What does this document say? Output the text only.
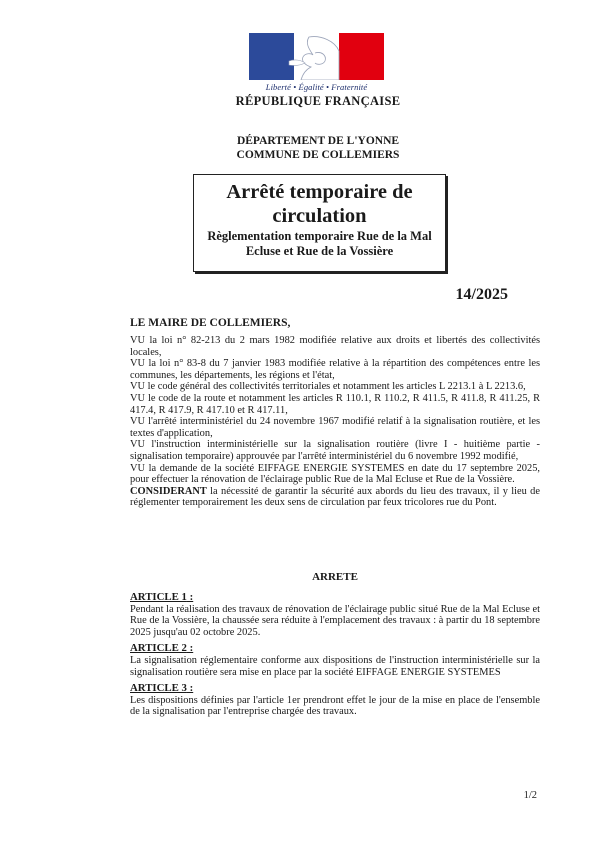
Liberté • Égalité • Fraternité
RÉPUBLIQUE FRANÇAISE
DÉPARTEMENT DE L'YONNE
COMMUNE DE COLLEMIERS
Arrêté temporaire de
circulation
Règlementation temporaire Rue de la Mal
Ecluse et Rue de la Vossière
14/2025
LE MAIRE DE COLLEMIERS,

VU la loi n° 82-213 du 2 mars 1982 modifiée relative aux droits et libertés des collectivités locales,

VU la loi n° 83-8 du 7 janvier 1983 modifiée relative à la répartition des compétences entre les communes, les départements, les régions et l'état,

VU le code général des collectivités territoriales et notamment les articles L 2213.1 à L 2213.6,

VU le code de la route et notamment les articles R 110.1, R 110.2, R 411.5, R 411.8, R 411.25, R 417.4, R 417.9, R 417.10 et R 417.11,

VU l'arrêté interministériel du 24 novembre 1967 modifié relatif à la signalisation routière, et les textes d'application,

VU l'instruction interministérielle sur la signalisation routière (livre I - huitième partie - signalisation temporaire) approuvée par l'arrêté interministériel du 6 novembre 1992 modifié,

VU la demande de la société EIFFAGE ENERGIE SYSTEMES en date du 17 septembre 2025, pour effectuer la rénovation de l'éclairage public Rue de la Mal Ecluse et Rue de la Vossière.

CONSIDERANT la nécessité de garantir la sécurité aux abords du lieu des travaux, il y lieu de réglementer temporairement les deux sens de circulation par feux tricolores rue du Pont.

ARRETE

ARTICLE 1 :

Pendant la réalisation des travaux de rénovation de l'éclairage public situé Rue de la Mal Ecluse et Rue de la Vossière, la chaussée sera réduite à l'emplacement des travaux : à partir du 18 septembre 2025 jusqu'au 02 octobre 2025.

ARTICLE 2 :

La signalisation réglementaire conforme aux dispositions de l'instruction interministérielle sur la signalisation routière sera mise en place par la société EIFFAGE ENERGIE SYSTEMES

ARTICLE 3 :

Les dispositions définies par l'article 1er prendront effet le jour de la mise en place de l'ensemble de la signalisation par l'entreprise chargée des travaux.

1/2
